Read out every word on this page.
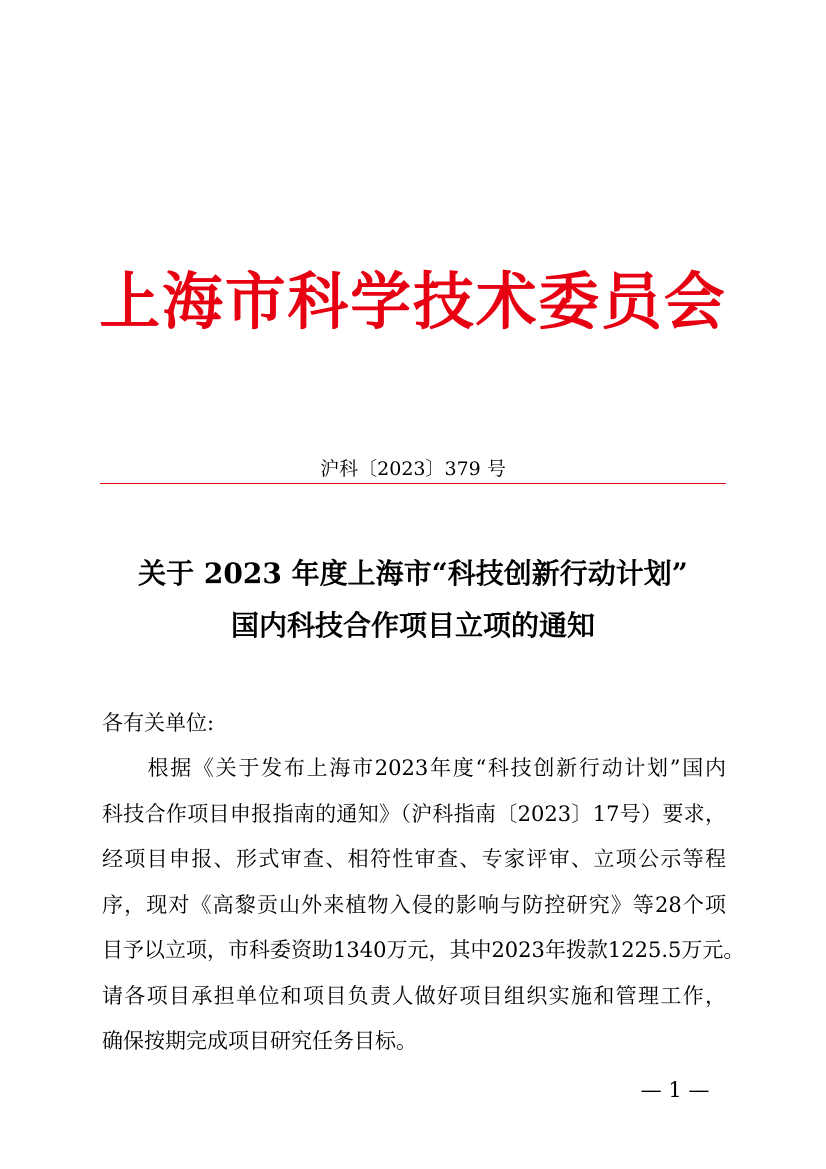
上海市科学技术委员会
沪科〔2023〕379 号
关于 2023 年度上海市“科技创新行动计划”
国内科技合作项目立项的通知
各有关单位:
　　根据《关于发布上海市2023年度“科技创新行动计划”国内
科技合作项目申报指南的通知》（沪科指南〔2023〕17号）要求，
经项目申报、形式审查、相符性审查、专家评审、立项公示等程
序，现对《高黎贡山外来植物入侵的影响与防控研究》等28个项
目予以立项，市科委资助1340万元，其中2023年拨款1225.5万元。
请各项目承担单位和项目负责人做好项目组织实施和管理工作，
确保按期完成项目研究任务目标。
— 1 —
